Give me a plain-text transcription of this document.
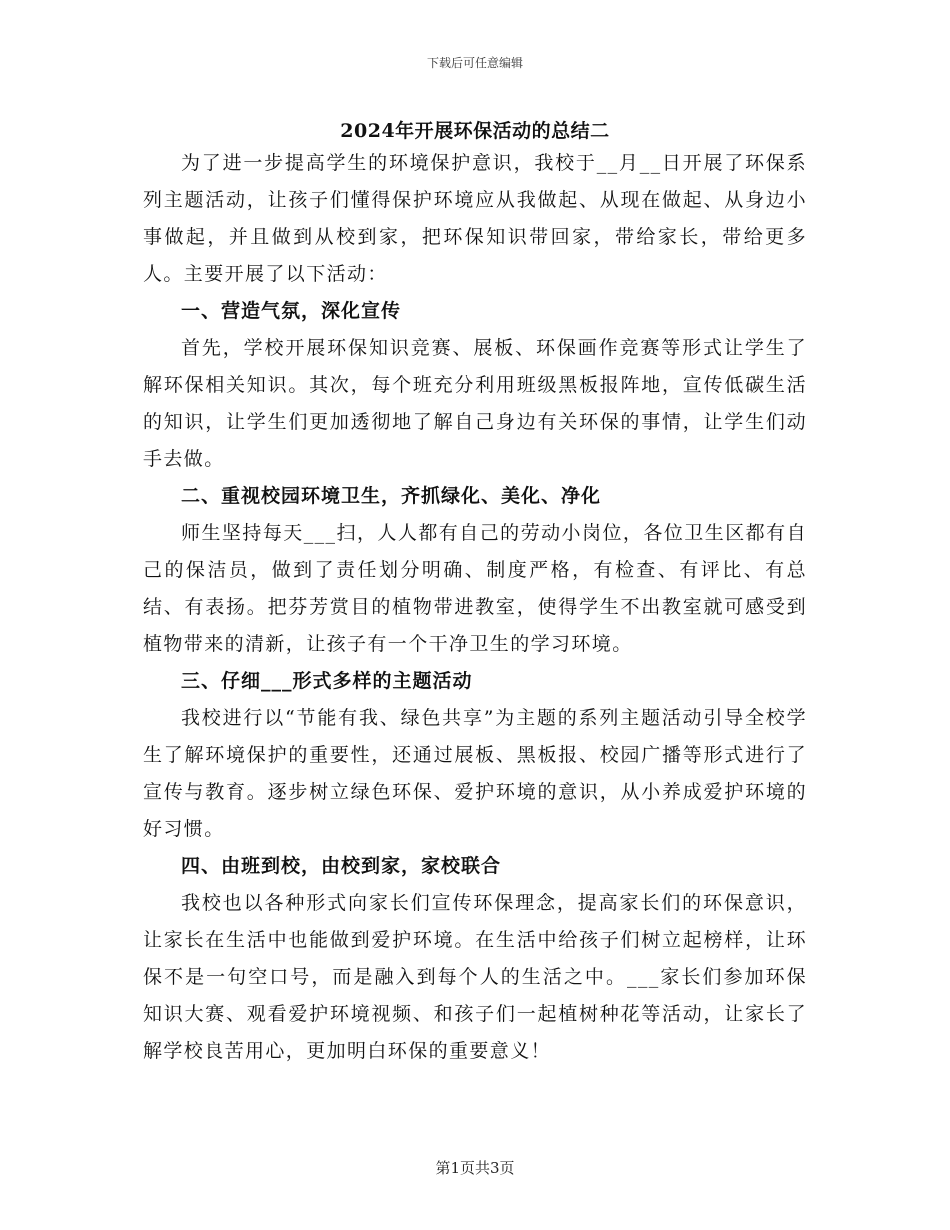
下载后可任意编辑
2024年开展环保活动的总结二

为了进一步提高学生的环境保护意识，我校于__月__日开展了环保系列主题活动，让孩子们懂得保护环境应从我做起、从现在做起、从身边小事做起，并且做到从校到家，把环保知识带回家，带给家长，带给更多人。主要开展了以下活动：

一、营造气氛，深化宣传

首先，学校开展环保知识竞赛、展板、环保画作竞赛等形式让学生了解环保相关知识。其次，每个班充分利用班级黑板报阵地，宣传低碳生活的知识，让学生们更加透彻地了解自己身边有关环保的事情，让学生们动手去做。

二、重视校园环境卫生，齐抓绿化、美化、净化

师生坚持每天___扫，人人都有自己的劳动小岗位，各位卫生区都有自己的保洁员，做到了责任划分明确、制度严格，有检查、有评比、有总结、有表扬。把芬芳赏目的植物带进教室，使得学生不出教室就可感受到植物带来的清新，让孩子有一个干净卫生的学习环境。

三、仔细___形式多样的主题活动

我校进行以“节能有我、绿色共享”为主题的系列主题活动引导全校学生了解环境保护的重要性，还通过展板、黑板报、校园广播等形式进行了宣传与教育。逐步树立绿色环保、爱护环境的意识，从小养成爱护环境的好习惯。

四、由班到校，由校到家，家校联合

我校也以各种形式向家长们宣传环保理念，提高家长们的环保意识，让家长在生活中也能做到爱护环境。在生活中给孩子们树立起榜样，让环保不是一句空口号，而是融入到每个人的生活之中。___家长们参加环保知识大赛、观看爱护环境视频、和孩子们一起植树种花等活动，让家长了解学校良苦用心，更加明白环保的重要意义！

第1页共3页
